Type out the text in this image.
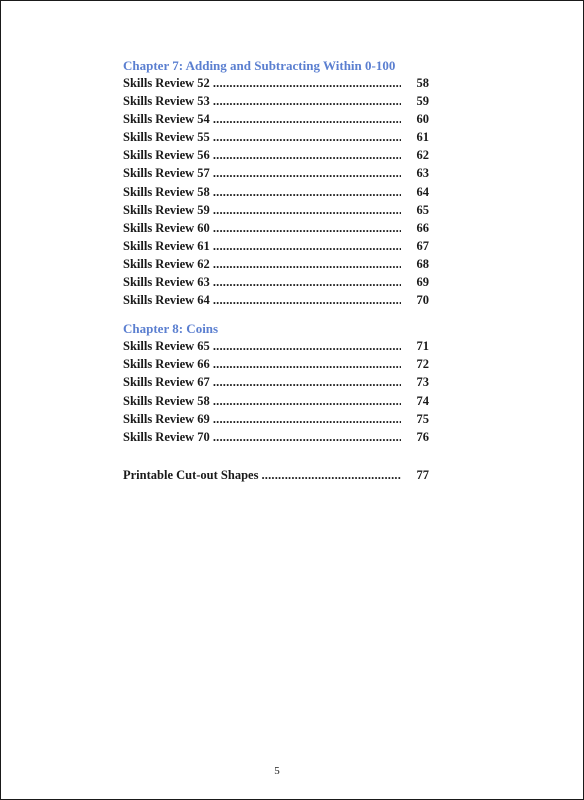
Chapter 7: Adding and Subtracting Within 0-100
Skills Review 52 .....	58
Skills Review 53 .....	59
Skills Review 54 .....	60
Skills Review 55 .....	61
Skills Review 56 .....	62
Skills Review 57 .....	63
Skills Review 58 .....	64
Skills Review 59 .....	65
Skills Review 60 .....	66
Skills Review 61 .....	67
Skills Review 62 .....	68
Skills Review 63 .....	69
Skills Review 64 .....	70
Chapter 8: Coins
Skills Review 65 .....	71
Skills Review 66 .....	72
Skills Review 67 .....	73
Skills Review 58 .....	74
Skills Review 69 .....	75
Skills Review 70 .....	76
Printable Cut-out Shapes .....	77
5
